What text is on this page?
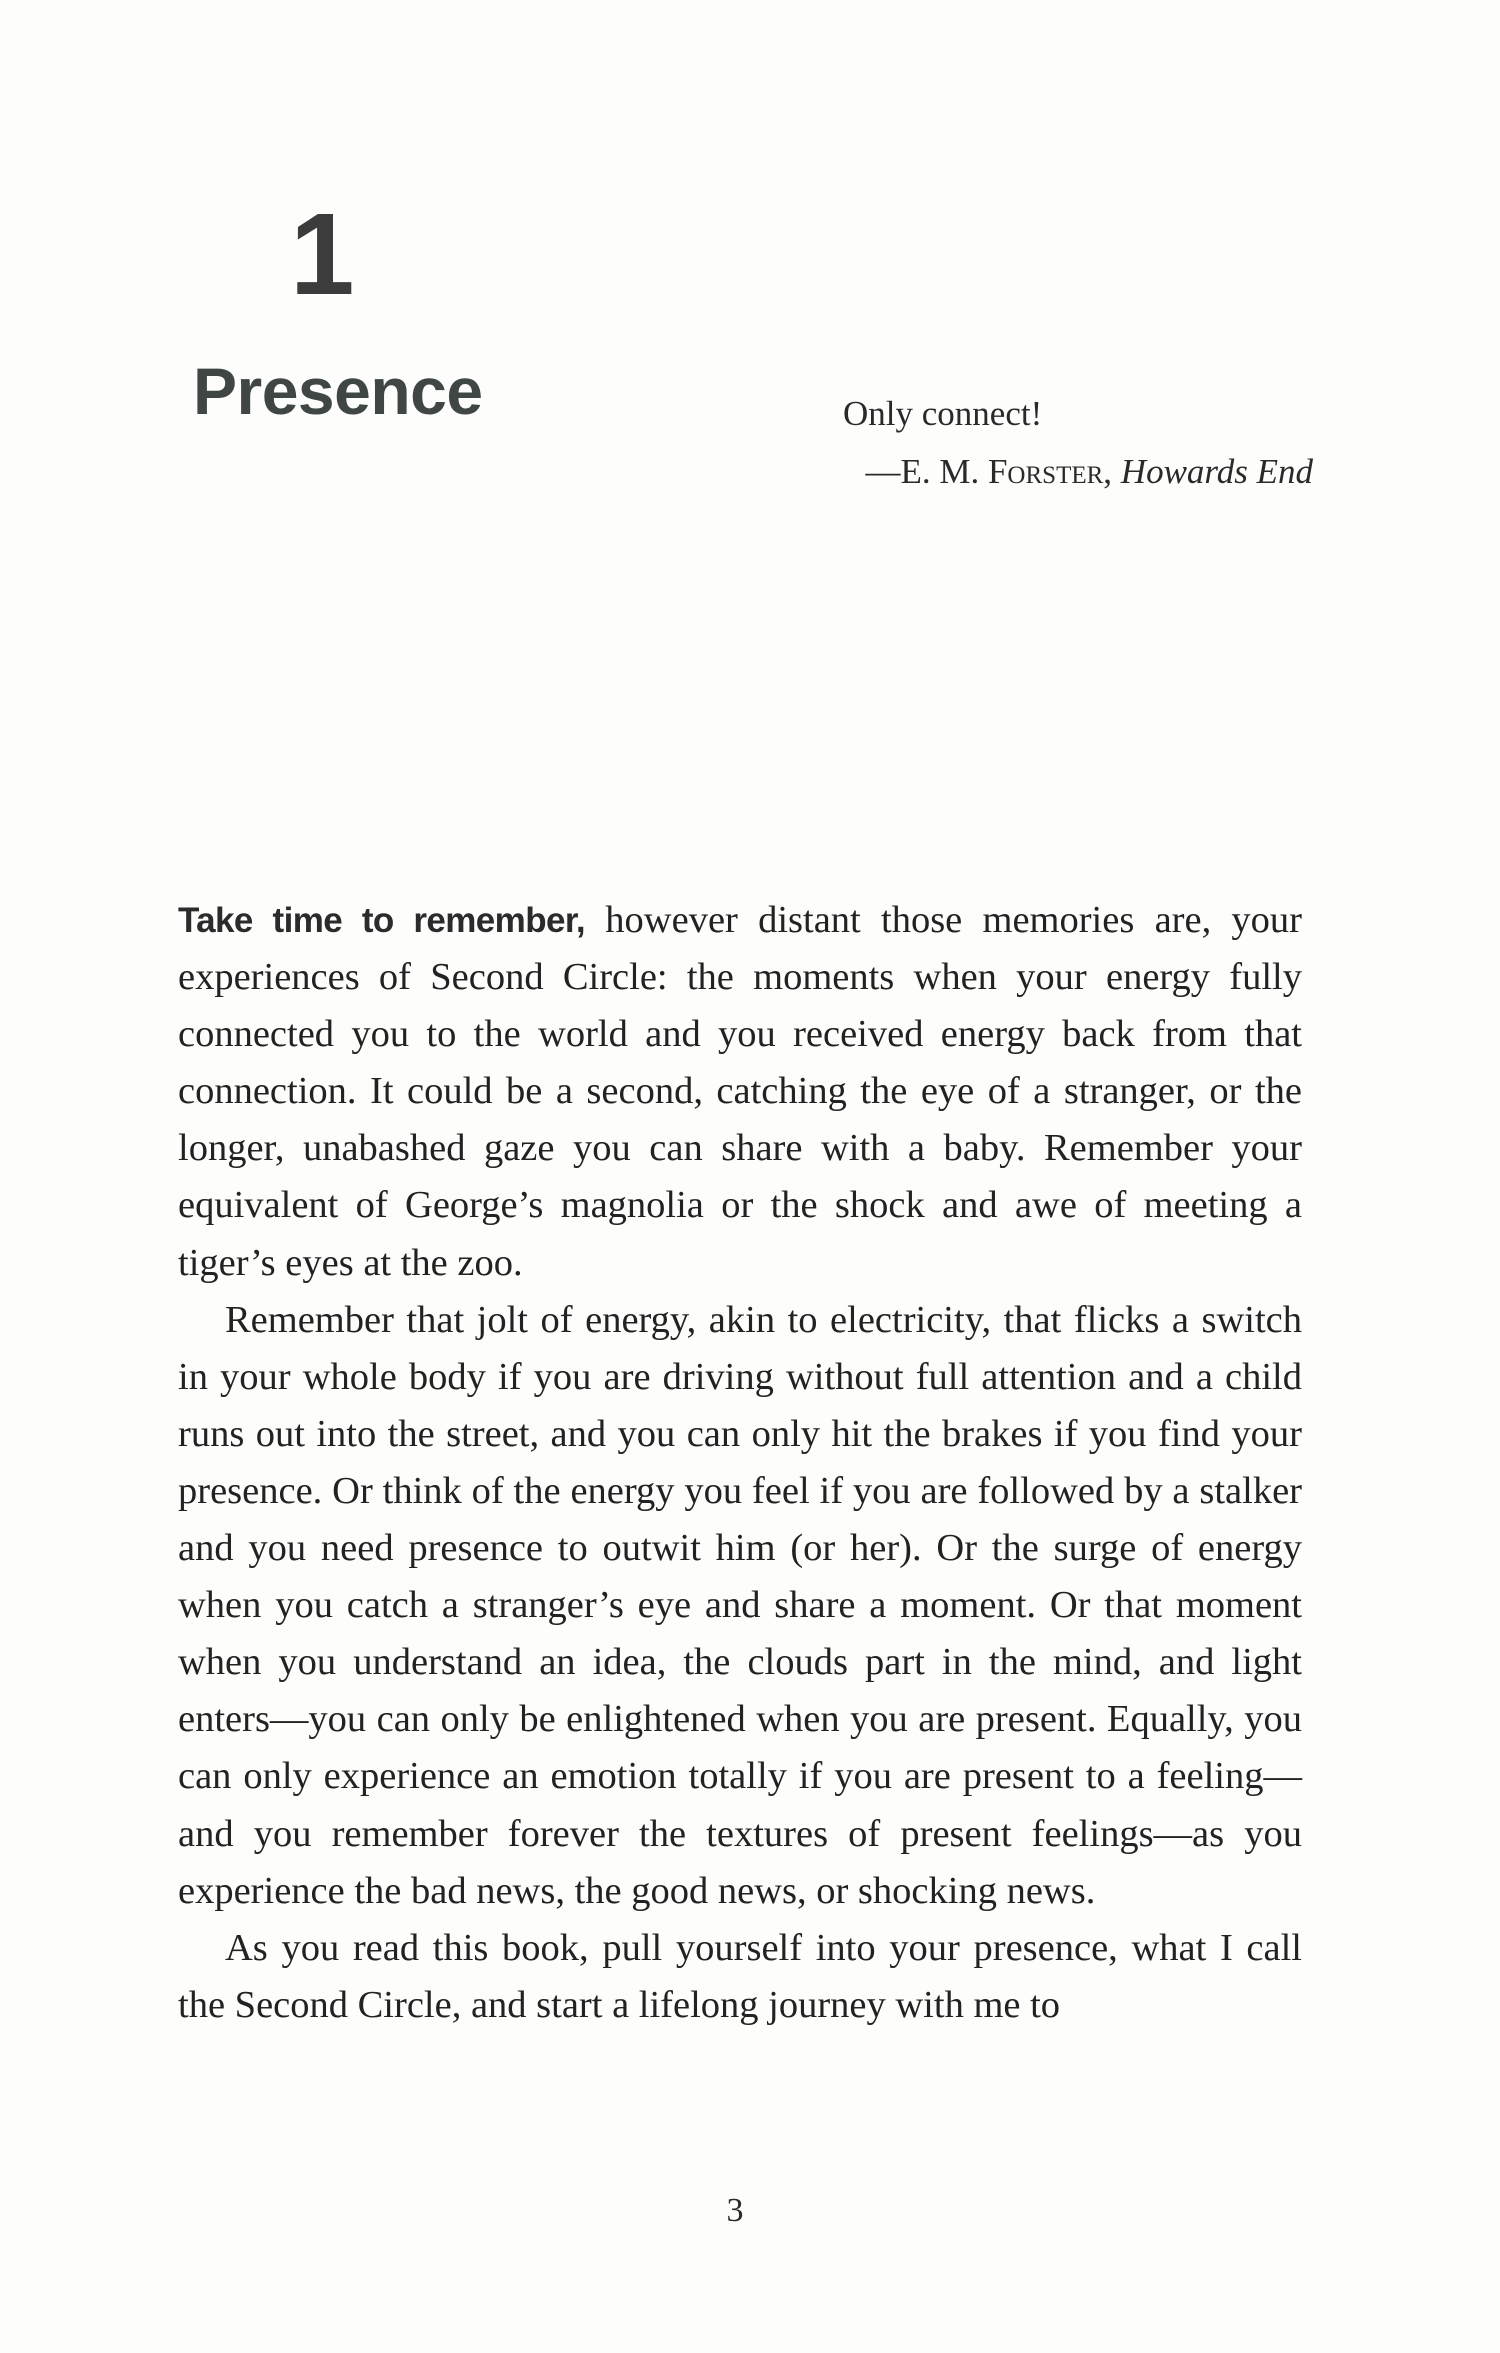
1
Presence	Only connect!
—E. M. Forster, Howards End

Take time to remember, however distant those memories are, your experiences of Second Circle: the moments when your energy fully connected you to the world and you received energy back from that connection. It could be a second, catching the eye of a stranger, or the longer, unabashed gaze you can share with a baby. Remember your equivalent of George’s magnolia or the shock and awe of meeting a tiger’s eyes at the zoo.

Remember that jolt of energy, akin to electricity, that flicks a switch in your whole body if you are driving without full attention and a child runs out into the street, and you can only hit the brakes if you find your presence. Or think of the energy you feel if you are followed by a stalker and you need presence to outwit him (or her). Or the surge of energy when you catch a stranger’s eye and share a moment. Or that moment when you understand an idea, the clouds part in the mind, and light enters—you can only be enlightened when you are present. Equally, you can only experience an emotion totally if you are present to a feeling—and you remember forever the textures of present feelings—as you experience the bad news, the good news, or shocking news.

As you read this book, pull yourself into your presence, what I call the Second Circle, and start a lifelong journey with me to

3
